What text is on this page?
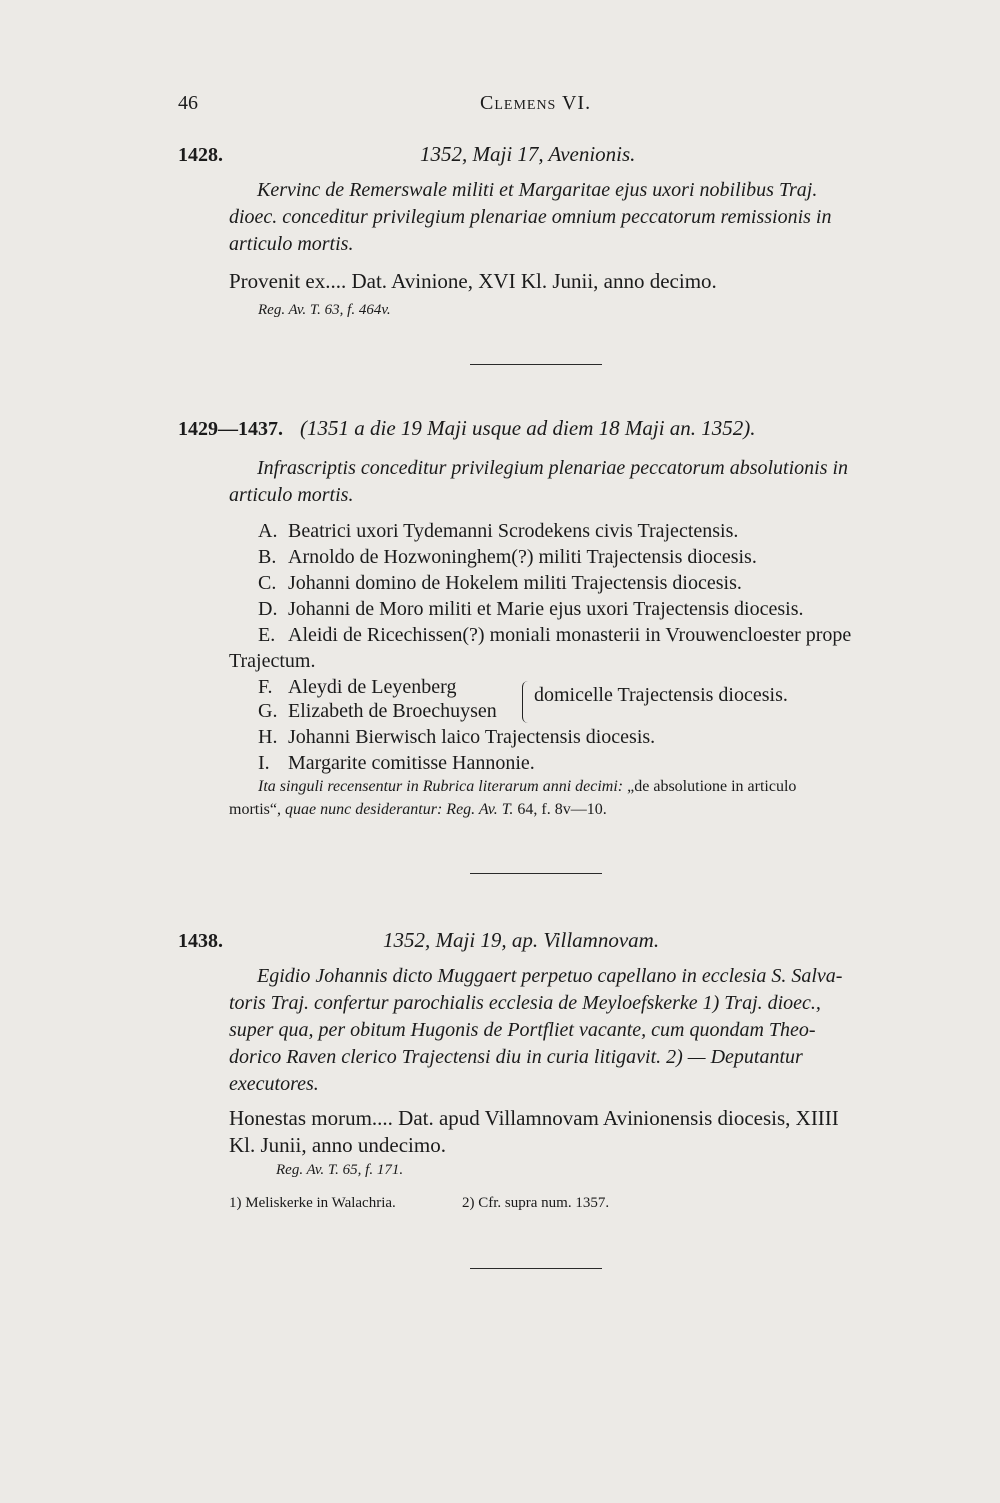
46	Clemens VI.
1428.	1352, Maji 17, Avenionis.
Kervinc de Remerswale militi et Margaritae ejus uxori nobilibus Traj.
dioec. conceditur privilegium plenariae omnium peccatorum remissionis in
articulo mortis.
Provenit ex.... Dat. Avinione, XVI Kl. Junii, anno decimo.
Reg. Av. T. 63, f. 464v.
1429—1437. (1351 a die 19 Maji usque ad diem 18 Maji an. 1352).
Infrascriptis conceditur privilegium plenariae peccatorum absolutionis in
articulo mortis.
A. Beatrici uxori Tydemanni Scrodekens civis Trajectensis.
B. Arnoldo de Hozwoninghem(?) militi Trajectensis diocesis.
C. Johanni domino de Hokelem militi Trajectensis diocesis.
D. Johanni de Moro militi et Marie ejus uxori Trajectensis diocesis.
E. Aleidi de Ricechissen(?) moniali monasterii in Vrouwencloester prope
Trajectum.
F. Aleydi de Leyenberg
G. Elizabeth de Broechuysen
domicelle Trajectensis diocesis.
H. Johanni Bierwisch laico Trajectensis diocesis.
I. Margarite comitisse Hannonie.
Ita singuli recensentur in Rubrica literarum anni decimi: „de absolutione in articulo
mortis“, quae nunc desiderantur: Reg. Av. T. 64, f. 8v—10.
1438.	1352, Maji 19, ap. Villamnovam.
Egidio Johannis dicto Muggaert perpetuo capellano in ecclesia S. Salva-
toris Traj. confertur parochialis ecclesia de Meyloefskerke 1) Traj. dioec.,
super qua, per obitum Hugonis de Portfliet vacante, cum quondam Theo-
dorico Raven clerico Trajectensi diu in curia litigavit. 2) — Deputantur
executores.
Honestas morum.... Dat. apud Villamnovam Avinionensis diocesis, XIIII
Kl. Junii, anno undecimo.
Reg. Av. T. 65, f. 171.
1) Meliskerke in Walachria.	2) Cfr. supra num. 1357.
